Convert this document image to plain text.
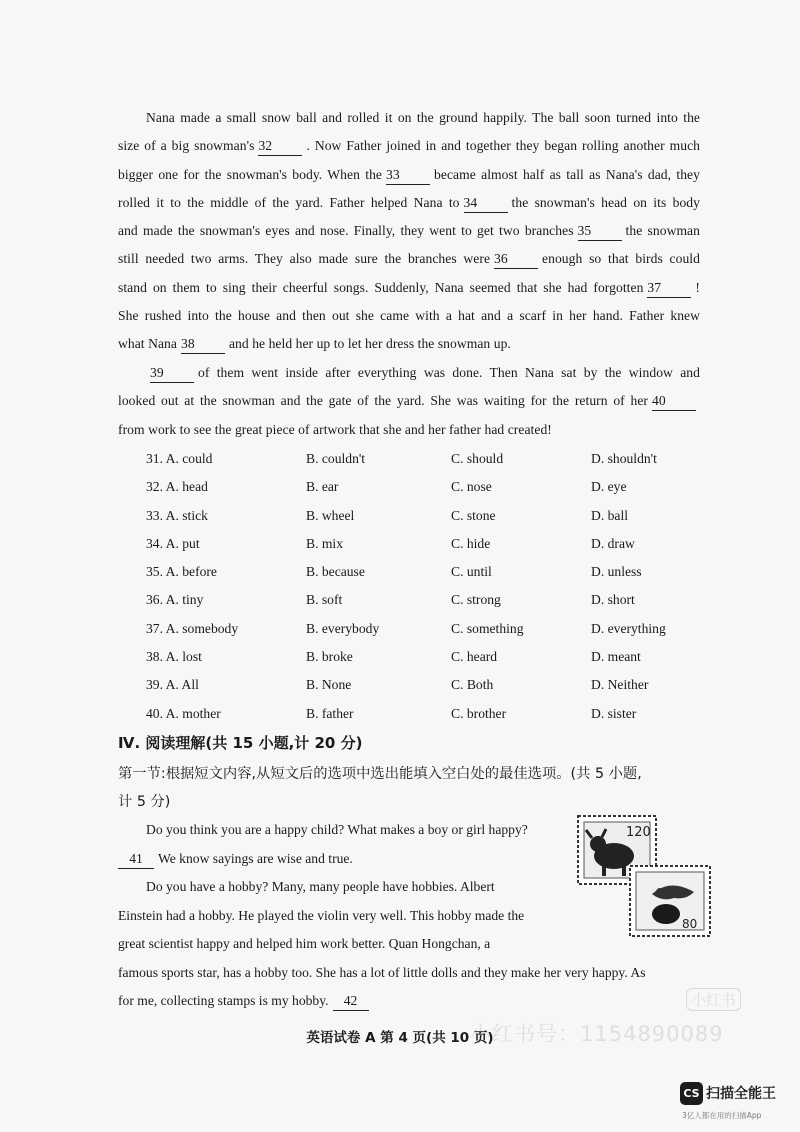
Nana made a small snow ball and rolled it on the ground happily. The ball soon turned into the
size of a big snowman's 32	. Now Father joined in and together they began rolling another much
bigger one for the snowman's body. When the 33	became almost half as tall as Nana's dad, they
rolled it to the middle of the yard. Father helped Nana to 34	the snowman's head on its body
and made the snowman's eyes and nose. Finally, they went to get two branches 35	the snowman
still needed two arms. They also made sure the branches were 36	enough so that birds could
stand on them to sing their cheerful songs. Suddenly, Nana seemed that she had forgotten 37	!
She rushed into the house and then out she came with a hat and a scarf in her hand. Father knew
what Nana 38	and he held her up to let her dress the snowman up.
39	of them went inside after everything was done. Then Nana sat by the window and
looked out at the snowman and the gate of the yard. She was waiting for the return of her 40
from work to see the great piece of artwork that she and her father had created!
31. A. could	B. couldn't	C. should	D. shouldn't
32. A. head	B. ear	C. nose	D. eye
33. A. stick	B. wheel	C. stone	D. ball
34. A. put	B. mix	C. hide	D. draw
35. A. before	B. because	C. until	D. unless
36. A. tiny	B. soft	C. strong	D. short
37. A. somebody	B. everybody	C. something	D. everything
38. A. lost	B. broke	C. heard	D. meant
39. A. All	B. None	C. Both	D. Neither
40. A. mother	B. father	C. brother	D. sister
Ⅳ. 阅读理解(共 15 小题,计 20 分)
第一节:根据短文内容,从短文后的选项中选出能填入空白处的最佳选项。(共 5 小题,
计 5 分)
Do you think you are a happy child? What makes a boy or girl happy?
41 We know sayings are wise and true.
Do you have a hobby? Many, many people have hobbies. Albert
Einstein had a hobby. He played the violin very well. This hobby made the
great scientist happy and helped him work better. Quan Hongchan, a
famous sports star, has a hobby too. She has a lot of little dolls and they make her very happy. As
for me, collecting stamps is my hobby. 42
120
80
小红书
小红书号：1154890089
英语试卷 A 第 4 页(共 10 页)
CS 扫描全能王
3亿人都在用的扫描App
